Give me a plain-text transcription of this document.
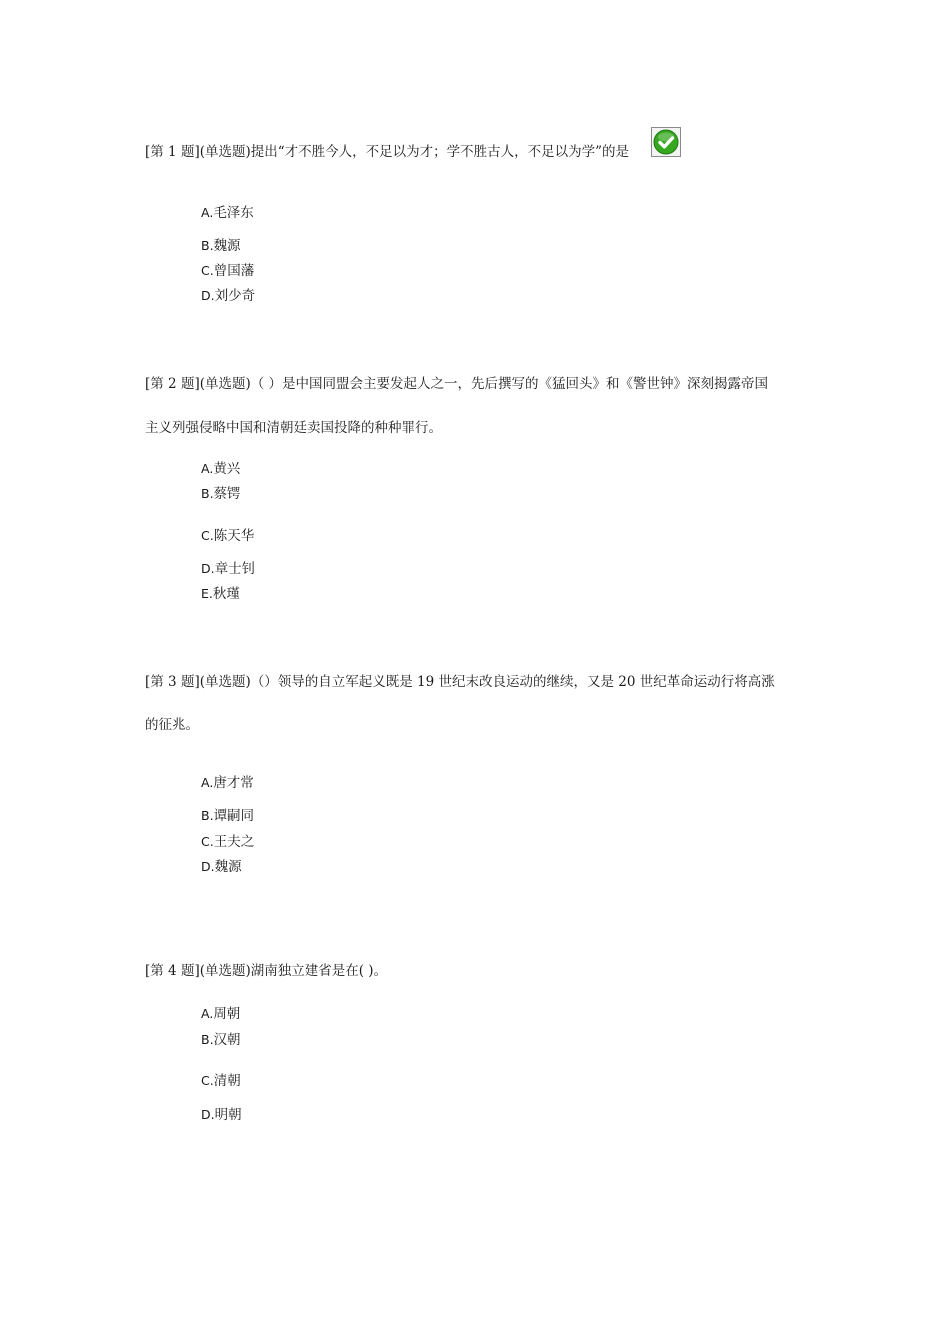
[第 1 题](单选题)提出“才不胜今人，不足以为才；学不胜古人，不足以为学”的是
A.毛泽东
B.魏源
C.曾国藩
D.刘少奇
[第 2 题](单选题)（ ）是中国同盟会主要发起人之一，先后撰写的《猛回头》和《警世钟》深刻揭露帝国
主义列强侵略中国和清朝廷卖国投降的种种罪行。
A.黄兴
B.蔡锷
C.陈天华
D.章士钊
E.秋瑾
[第 3 题](单选题)（）领导的自立军起义既是 19 世纪末改良运动的继续，又是 20 世纪革命运动行将高涨
的征兆。
A.唐才常
B.谭嗣同
C.王夫之
D.魏源
[第 4 题](单选题)湖南独立建省是在( )。
A.周朝
B.汉朝
C.清朝
D.明朝
